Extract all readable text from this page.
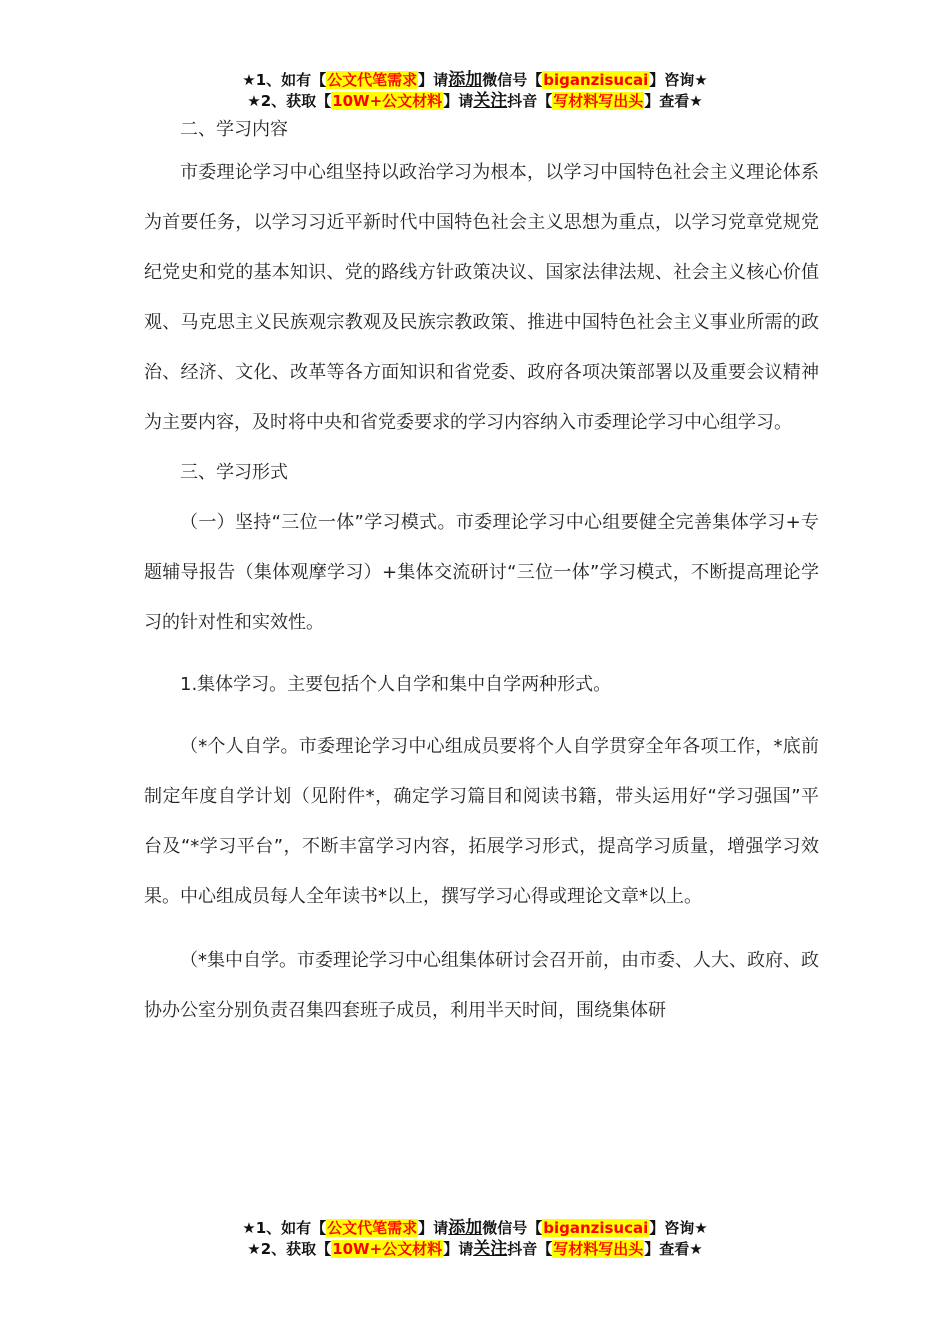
★1、如有【公文代笔需求】请添加微信号【biganzisucai】咨询★
★2、获取【10W+公文材料】请关注抖音【写材料写出头】查看★

二、学习内容

市委理论学习中心组坚持以政治学习为根本，以学习中国特色社会主义理论体系为首要任务，以学习习近平新时代中国特色社会主义思想为重点，以学习党章党规党纪党史和党的基本知识、党的路线方针政策决议、国家法律法规、社会主义核心价值观、马克思主义民族观宗教观及民族宗教政策、推进中国特色社会主义事业所需的政治、经济、文化、改革等各方面知识和省党委、政府各项决策部署以及重要会议精神为主要内容，及时将中央和省党委要求的学习内容纳入市委理论学习中心组学习。

三、学习形式

（一）坚持“三位一体”学习模式。市委理论学习中心组要健全完善集体学习+专题辅导报告（集体观摩学习）+集体交流研讨“三位一体”学习模式，不断提高理论学习的针对性和实效性。

1.集体学习。主要包括个人自学和集中自学两种形式。

（*个人自学。市委理论学习中心组成员要将个人自学贯穿全年各项工作，*底前制定年度自学计划（见附件*，确定学习篇目和阅读书籍，带头运用好“学习强国”平台及“*学习平台”，不断丰富学习内容，拓展学习形式，提高学习质量，增强学习效果。中心组成员每人全年读书*以上，撰写学习心得或理论文章*以上。

（*集中自学。市委理论学习中心组集体研讨会召开前，由市委、人大、政府、政协办公室分别负责召集四套班子成员，利用半天时间，围绕集体研

★1、如有【公文代笔需求】请添加微信号【biganzisucai】咨询★
★2、获取【10W+公文材料】请关注抖音【写材料写出头】查看★
